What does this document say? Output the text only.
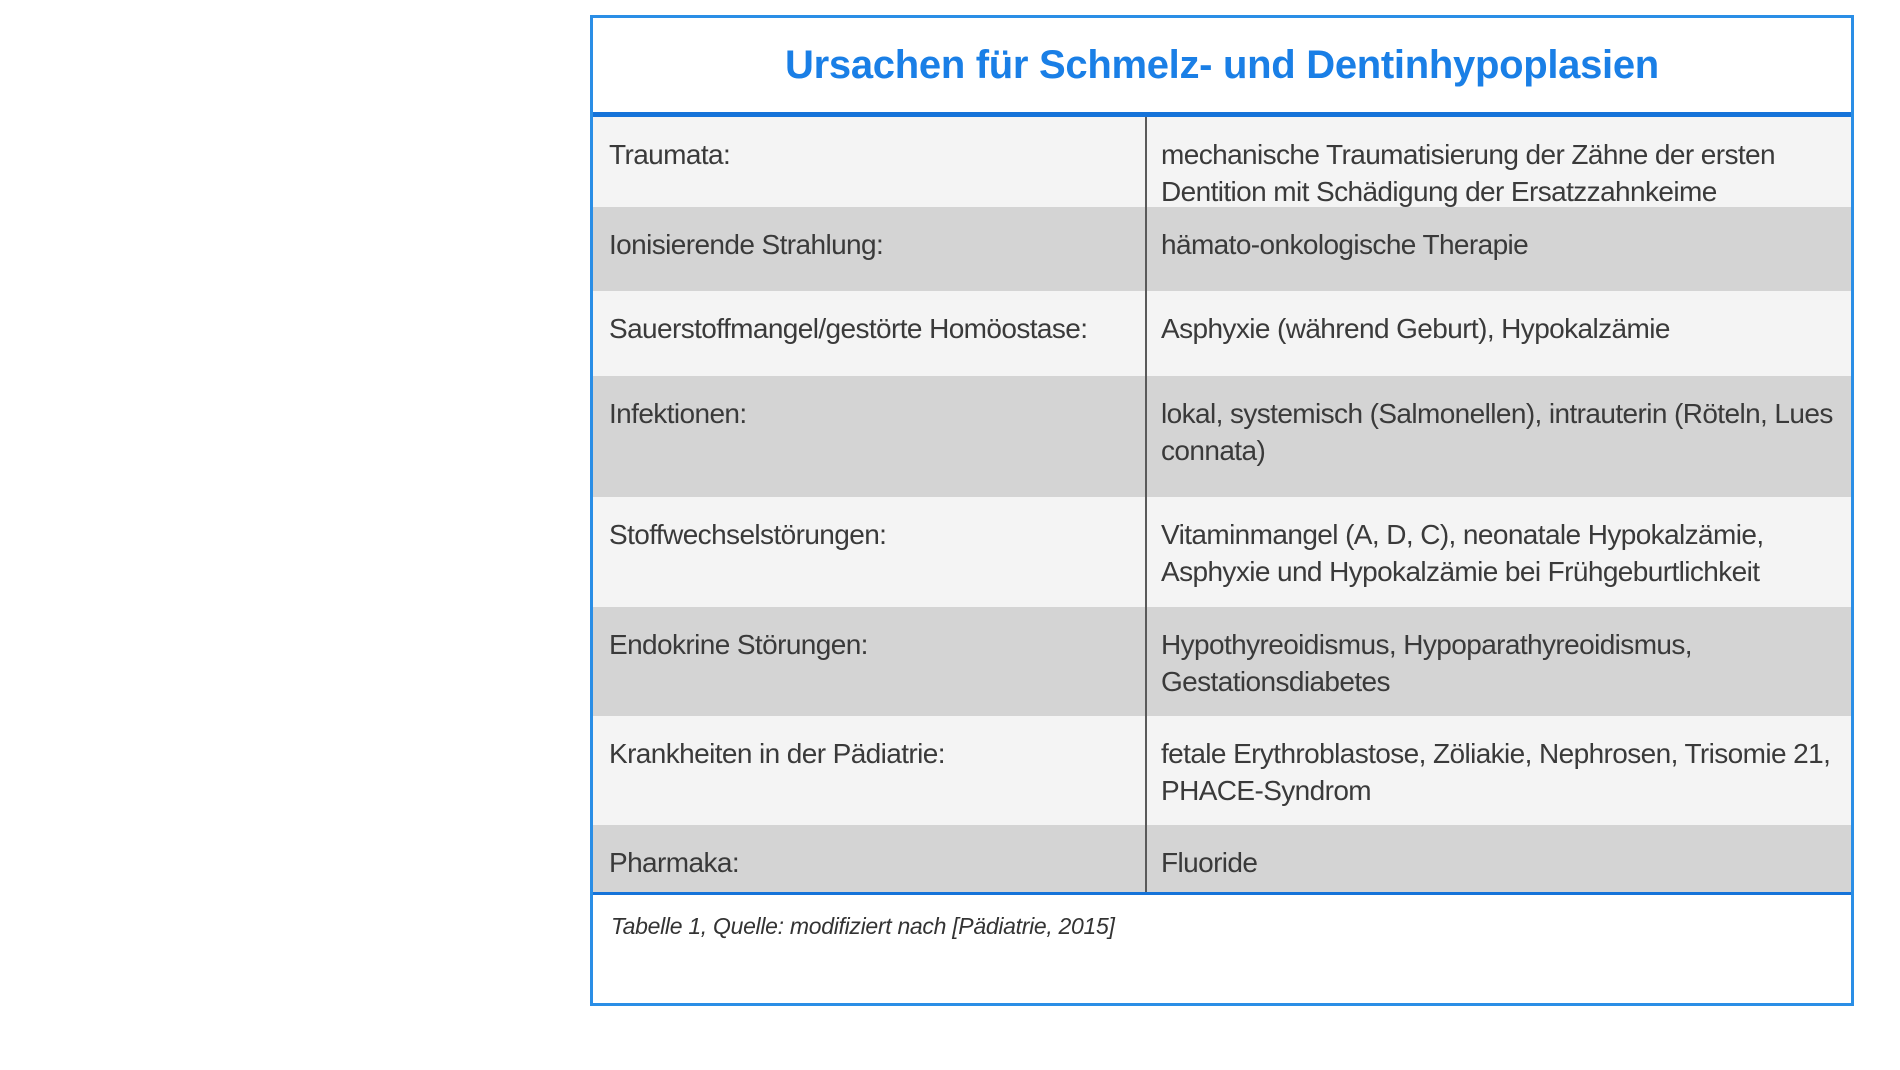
Ursachen für Schmelz- und Dentinhypoplasien
Traumata:	mechanische Traumatisierung der Zähne der ersten Dentition mit Schädigung der Ersatzzahnkeime
Ionisierende Strahlung:	hämato-onkologische Therapie
Sauerstoffmangel/gestörte Homöostase:	Asphyxie (während Geburt), Hypokalzämie
Infektionen:	lokal, systemisch (Salmonellen), intrauterin (Röteln, Lues connata)
Stoffwechselstörungen:	Vitaminmangel (A, D, C), neonatale Hypokalzämie, Asphyxie und Hypokalzämie bei Frühgeburtlichkeit
Endokrine Störungen:	Hypothyreoidismus, Hypoparathyreoidismus, Gestationsdiabetes
Krankheiten in der Pädiatrie:	fetale Erythroblastose, Zöliakie, Nephrosen, Trisomie 21, PHACE-Syndrom
Pharmaka:	Fluoride
Tabelle 1, Quelle: modifiziert nach [Pädiatrie, 2015]
